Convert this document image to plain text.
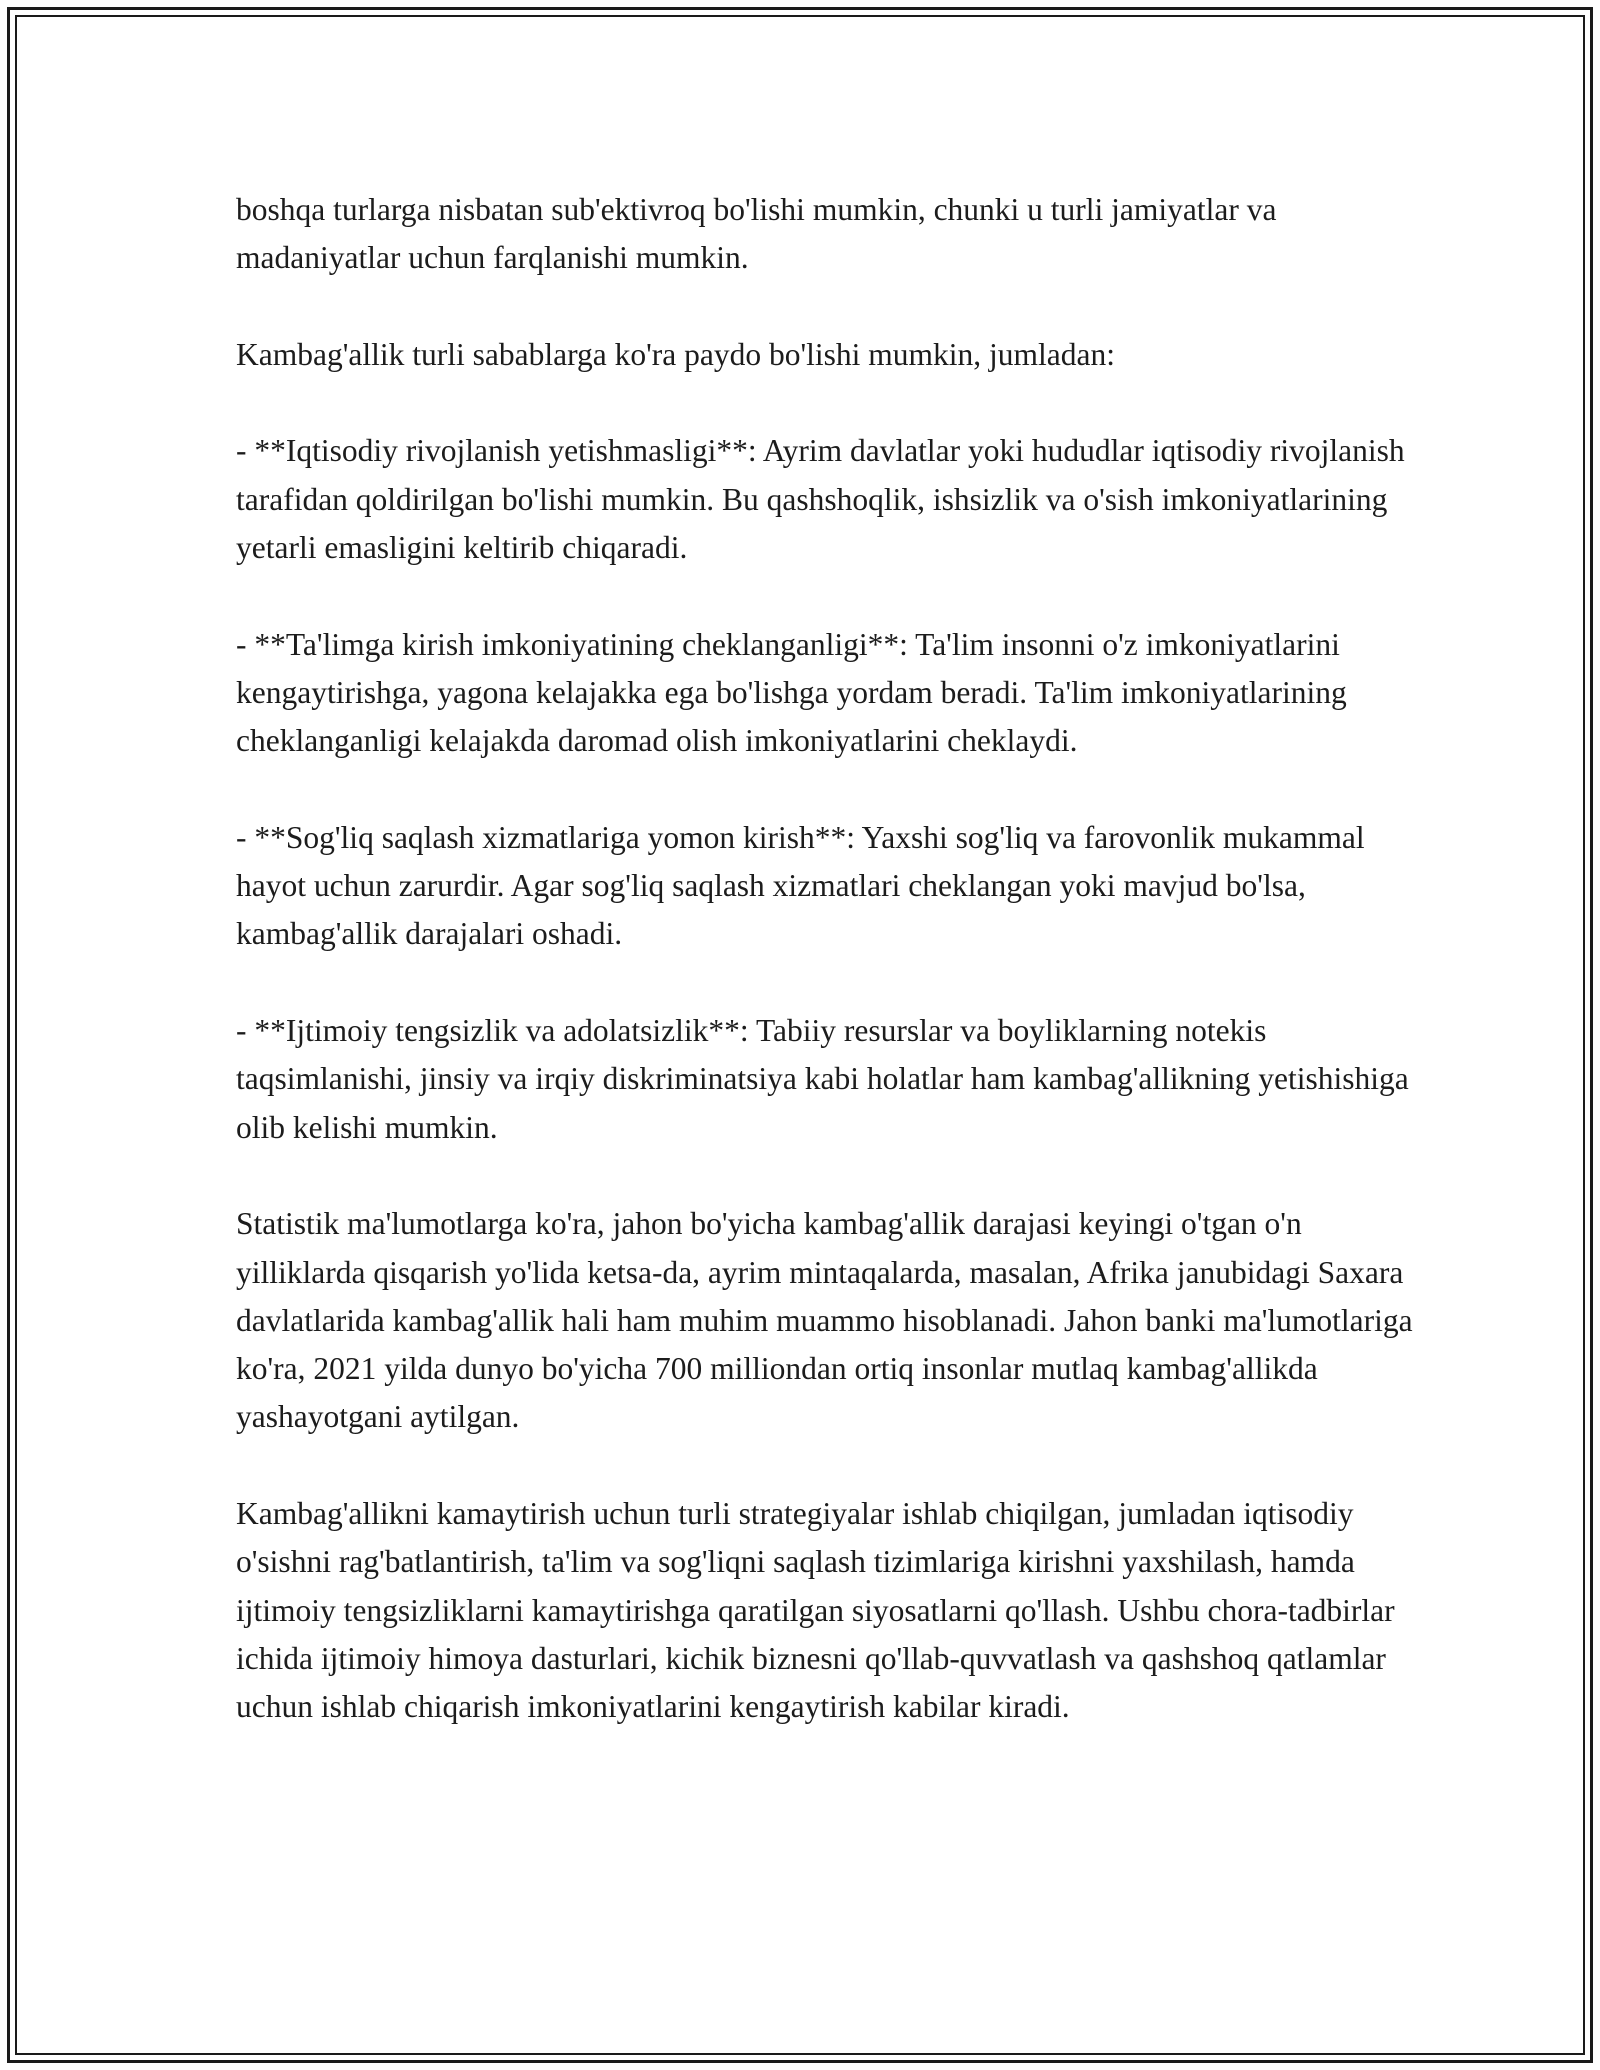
boshqa turlarga nisbatan sub'ektivroq bo'lishi mumkin, chunki u turli jamiyatlar va madaniyatlar uchun farqlanishi mumkin.

Kambag'allik turli sabablarga ko'ra paydo bo'lishi mumkin, jumladan:

- **Iqtisodiy rivojlanish yetishmasligi**: Ayrim davlatlar yoki hududlar iqtisodiy rivojlanish tarafidan qoldirilgan bo'lishi mumkin. Bu qashshoqlik, ishsizlik va o'sish imkoniyatlarining yetarli emasligini keltirib chiqaradi.

- **Ta'limga kirish imkoniyatining cheklanganligi**: Ta'lim insonni o'z imkoniyatlarini kengaytirishga, yagona kelajakka ega bo'lishga yordam beradi. Ta'lim imkoniyatlarining cheklanganligi kelajakda daromad olish imkoniyatlarini cheklaydi.

- **Sog'liq saqlash xizmatlariga yomon kirish**: Yaxshi sog'liq va farovonlik mukammal hayot uchun zarurdir. Agar sog'liq saqlash xizmatlari cheklangan yoki mavjud bo'lsa, kambag'allik darajalari oshadi.

- **Ijtimoiy tengsizlik va adolatsizlik**: Tabiiy resurslar va boyliklarning notekis taqsimlanishi, jinsiy va irqiy diskriminatsiya kabi holatlar ham kambag'allikning yetishishiga olib kelishi mumkin.

Statistik ma'lumotlarga ko'ra, jahon bo'yicha kambag'allik darajasi keyingi o'tgan o'n yilliklarda qisqarish yo'lida ketsa-da, ayrim mintaqalarda, masalan, Afrika janubidagi Saxara davlatlarida kambag'allik hali ham muhim muammo hisoblanadi. Jahon banki ma'lumotlariga ko'ra, 2021 yilda dunyo bo'yicha 700 milliondan ortiq insonlar mutlaq kambag'allikda yashayotgani aytilgan.

Kambag'allikni kamaytirish uchun turli strategiyalar ishlab chiqilgan, jumladan iqtisodiy o'sishni rag'batlantirish, ta'lim va sog'liqni saqlash tizimlariga kirishni yaxshilash, hamda ijtimoiy tengsizliklarni kamaytirishga qaratilgan siyosatlarni qo'llash. Ushbu chora-tadbirlar ichida ijtimoiy himoya dasturlari, kichik biznesni qo'llab-quvvatlash va qashshoq qatlamlar uchun ishlab chiqarish imkoniyatlarini kengaytirish kabilar kiradi.
